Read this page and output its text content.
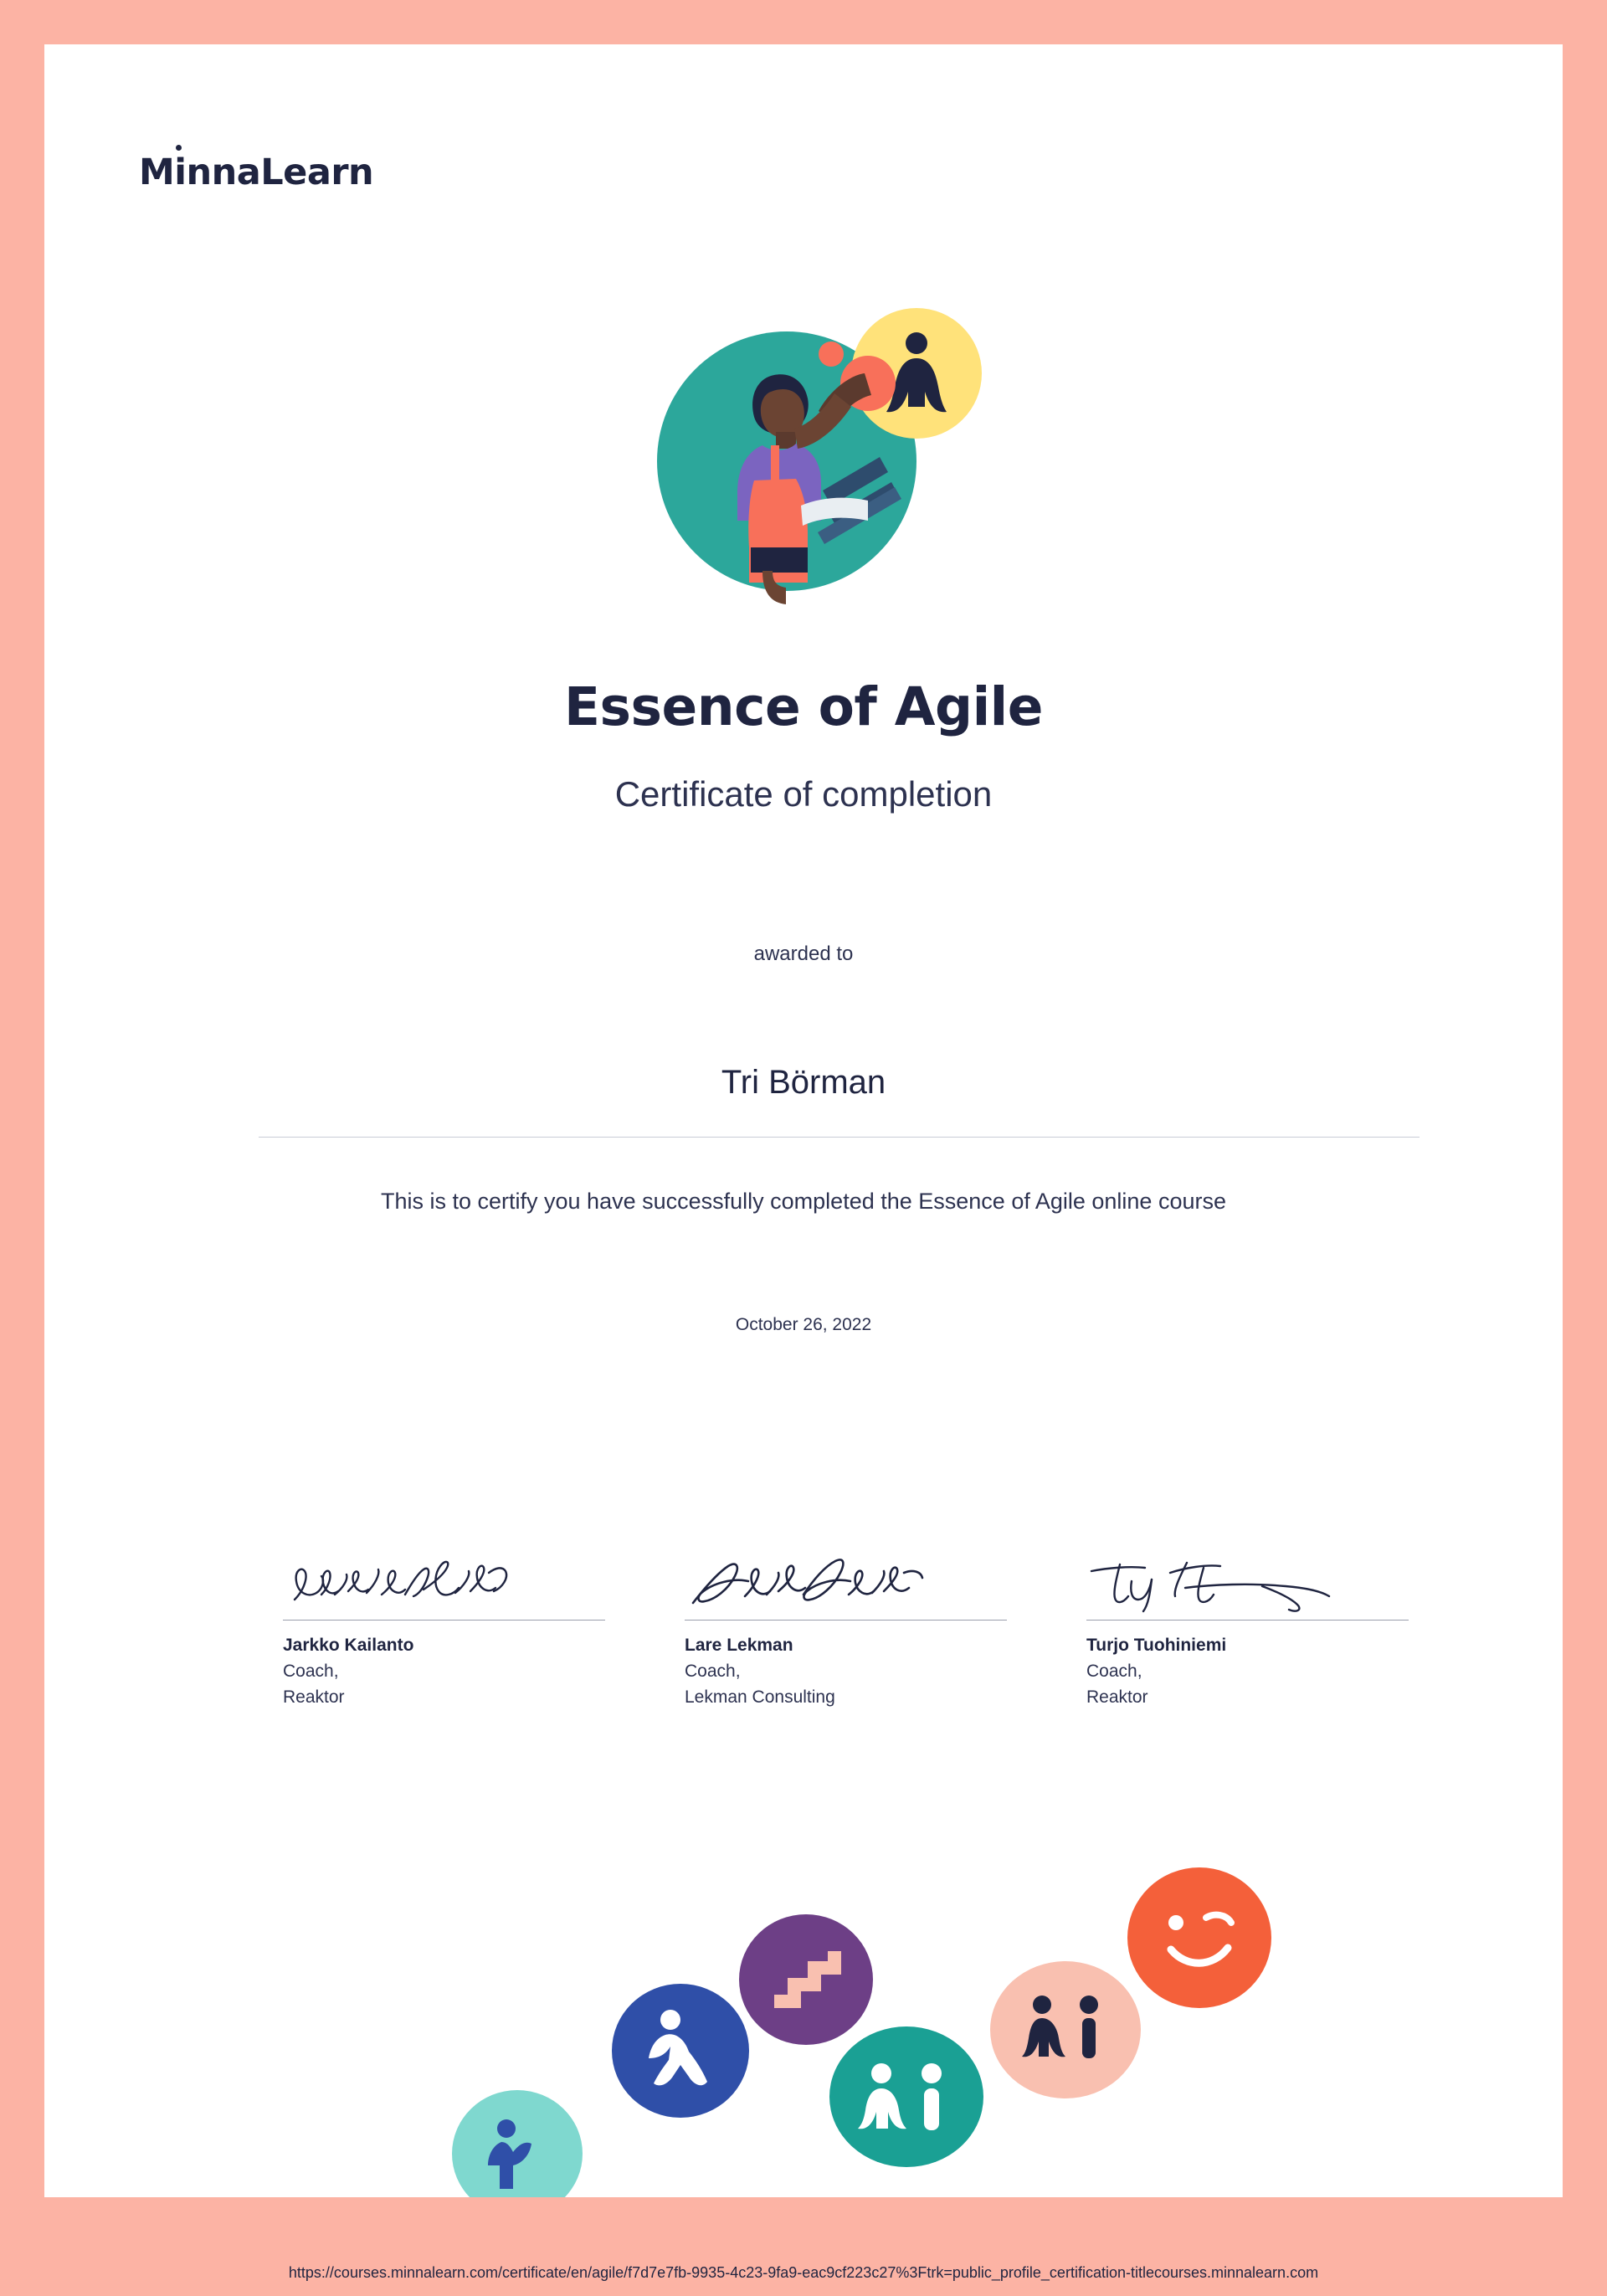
MinnaLearn
Essence of Agile
Certificate of completion
awarded to
Tri Börman
This is to certify you have successfully completed the Essence of Agile online course
October 26, 2022
Jarkko Kailanto
Coach,
Reaktor
Lare Lekman
Coach,
Lekman Consulting
Turjo Tuohiniemi
Coach,
Reaktor
https://courses.minnalearn.com/certificate/en/agile/f7d7e7fb-9935-4c23-9fa9-eac9cf223c27%3Ftrk=public_profile_certification-title courses.minnalearn.com
